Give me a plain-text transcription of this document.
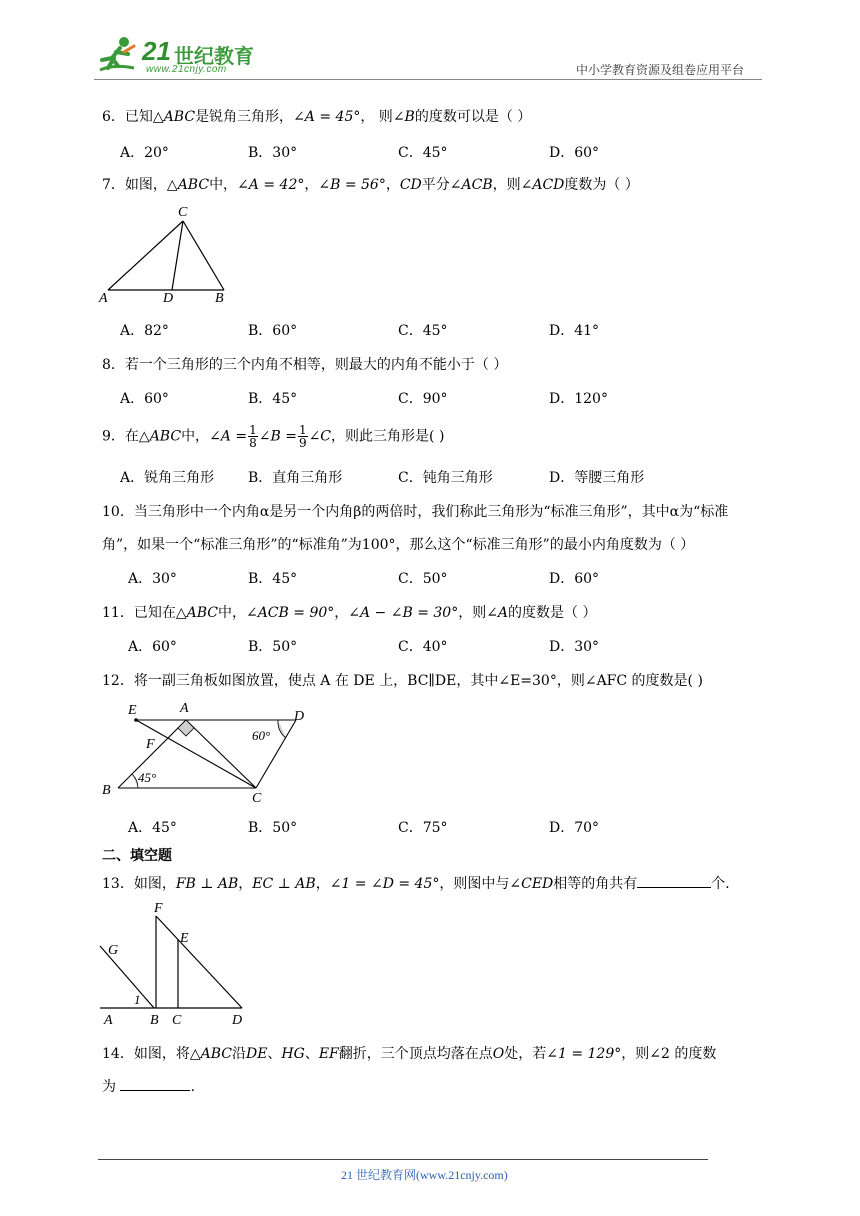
21 世纪教育
www.21cnjy.com	中小学教育资源及组卷应用平台
6．已知△ABC是锐角三角形，∠A = 45°， 则∠B的度数可以是（ ）
A．20°	B．30°	C．45°	D．60°
7．如图，△ABC中，∠A = 42°，∠B = 56°，CD平分∠ACB，则∠ACD度数为（ ）
C
A	D	B
A．82°	B．60°	C．45°	D．41°
8．若一个三角形的三个内角不相等，则最大的内角不能小于（ ）
A．60°	B．45°	C．90°	D．120°
9．在△ABC中，∠A = $\frac{1}{8}$ ∠B = $\frac{1}{9}$ ∠C，则此三角形是( )
A．锐角三角形 B．直角三角形	C．钝角三角形	D．等腰三角形
10．当三角形中一个内角α是另一个内角β的两倍时，我们称此三角形为“标准三角形”，其中α为“标准
角”，如果一个“标准三角形”的“标准角”为100°，那么这个“标准三角形”的最小内角度数为（ ）
A．30°	B．45°	C．50°	D．60°
11．已知在△ABC中，∠ACB = 90°，∠A − ∠B = 30°，则∠A的度数是（ ）
A．60°	B．50°	C．40°	D．30°
12．将一副三角板如图放置，使点 A 在 DE 上，BC∥DE，其中∠E=30°，则∠AFC 的度数是( )
E	A
D
F
B
C
60°
45°
A．45°	B．50°	C．75°	D．70°
二、填空题
13．如图，FB ⊥ AB，EC ⊥ AB，∠1 = ∠D = 45°，则图中与∠CED相等的角共有	个．
G
F
E
1
A	B C	D
14．如图，将△ABC沿DE、HG、EF翻折，三个顶点均落在点O处，若∠1 = 129°，则∠2 的度数
为	.
21 世纪教育网(www.21cnjy.com)
